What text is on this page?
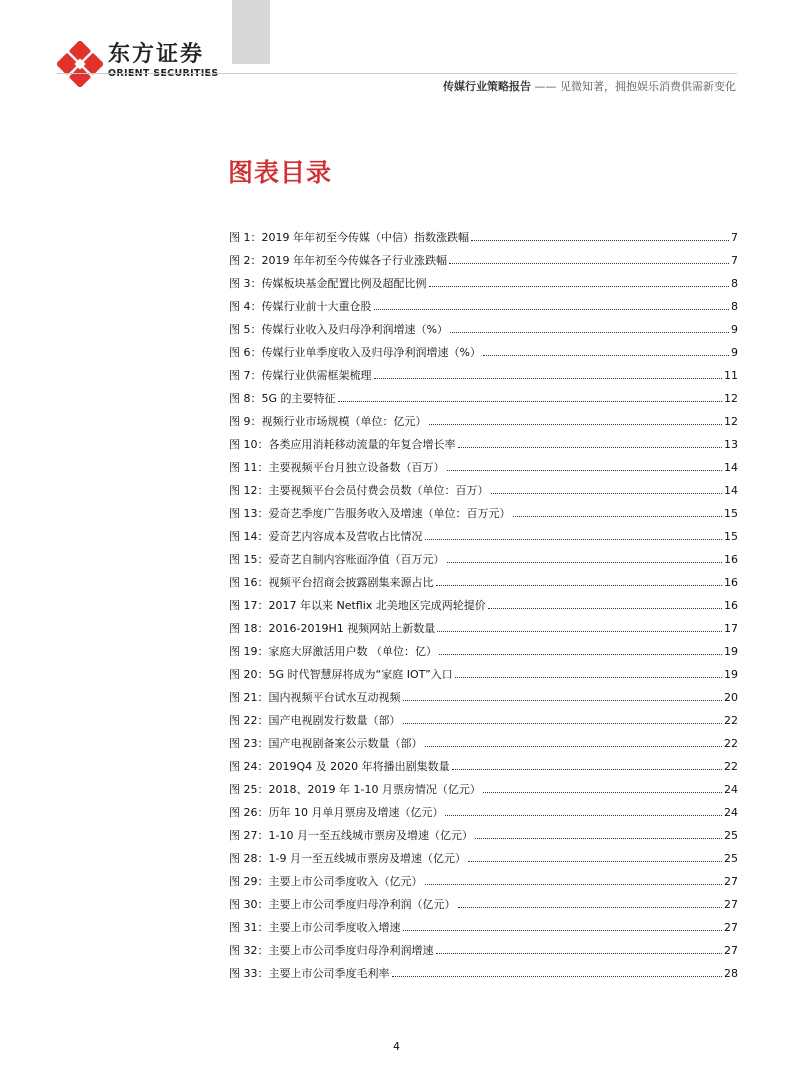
东方证券
传媒行业策略报告 —— 见微知著，拥抱娱乐消费供需新变化
图表目录
图 1：2019 年年初至今传媒（中信）指数涨跌幅	7
图 2：2019 年年初至今传媒各子行业涨跌幅	7
图 3：传媒板块基金配置比例及超配比例	8
图 4：传媒行业前十大重仓股	8
图 5：传媒行业收入及归母净利润增速（%）	9
图 6：传媒行业单季度收入及归母净利润增速（%）	9
图 7：传媒行业供需框架梳理	11
图 8：5G 的主要特征	12
图 9：视频行业市场规模（单位：亿元）	12
图 10：各类应用消耗移动流量的年复合增长率	13
图 11：主要视频平台月独立设备数（百万）	14
图 12：主要视频平台会员付费会员数（单位：百万）	14
图 13：爱奇艺季度广告服务收入及增速（单位：百万元）	15
图 14：爱奇艺内容成本及营收占比情况	15
图 15：爱奇艺自制内容账面净值（百万元）	16
图 16：视频平台招商会披露剧集来源占比	16
图 17：2017 年以来 Netflix 北美地区完成两轮提价	16
图 18：2016-2019H1 视频网站上新数量	17
图 19：家庭大屏激活用户数 （单位：亿）	19
图 20：5G 时代智慧屏将成为“家庭 IOT”入口	19
图 21：国内视频平台试水互动视频	20
图 22：国产电视剧发行数量（部）	22
图 23：国产电视剧备案公示数量（部）	22
图 24：2019Q4 及 2020 年将播出剧集数量	22
图 25：2018、2019 年 1-10 月票房情况（亿元）	24
图 26：历年 10 月单月票房及增速（亿元）	24
图 27：1-10 月一至五线城市票房及增速（亿元）	25
图 28：1-9 月一至五线城市票房及增速（亿元）	25
图 29：主要上市公司季度收入（亿元）	27
图 30：主要上市公司季度归母净利润（亿元）	27
图 31：主要上市公司季度收入增速	27
图 32：主要上市公司季度归母净利润增速	27
图 33：主要上市公司季度毛利率	28
4
